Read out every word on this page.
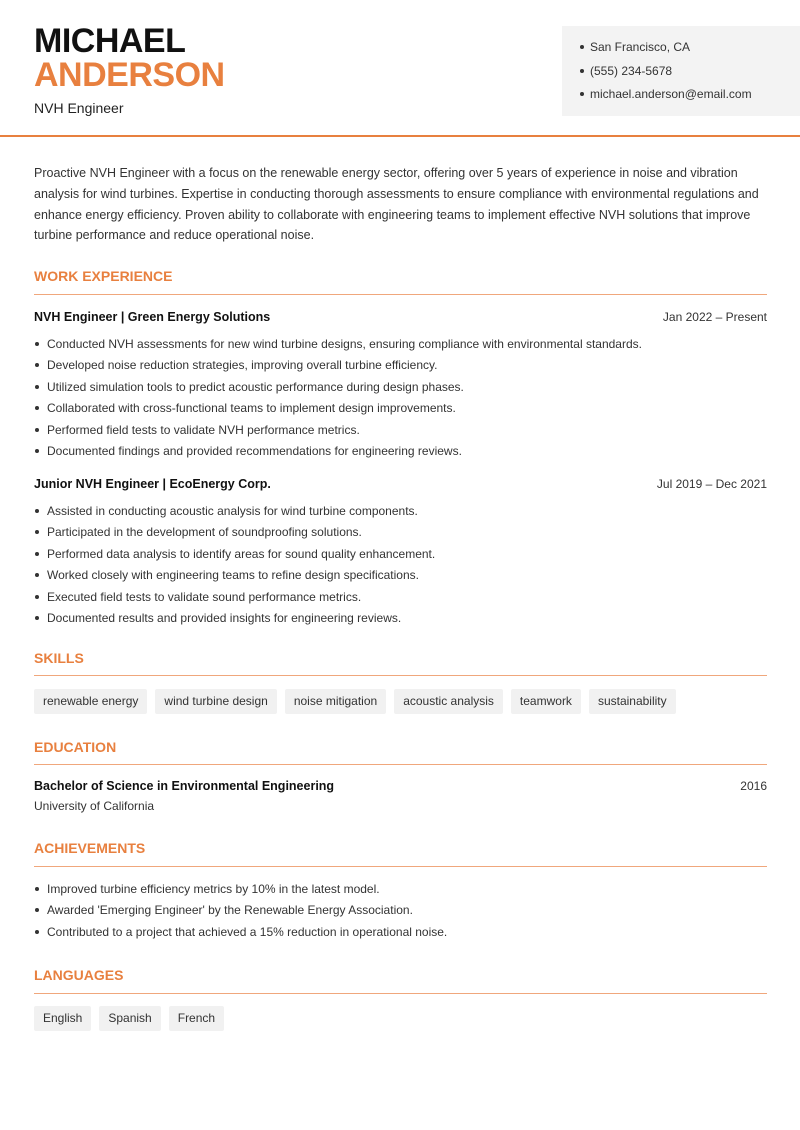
MICHAEL
ANDERSON
NVH Engineer
San Francisco, CA
(555) 234-5678
michael.anderson@email.com

Proactive NVH Engineer with a focus on the renewable energy sector, offering over 5 years of experience in noise and vibration analysis for wind turbines. Expertise in conducting thorough assessments to ensure compliance with environmental regulations and enhance energy efficiency. Proven ability to collaborate with engineering teams to implement effective NVH solutions that improve turbine performance and reduce operational noise.

WORK EXPERIENCE
NVH Engineer | Green Energy Solutions	Jan 2022 – Present
Conducted NVH assessments for new wind turbine designs, ensuring compliance with environmental standards.
Developed noise reduction strategies, improving overall turbine efficiency.
Utilized simulation tools to predict acoustic performance during design phases.
Collaborated with cross-functional teams to implement design improvements.
Performed field tests to validate NVH performance metrics.
Documented findings and provided recommendations for engineering reviews.
Junior NVH Engineer | EcoEnergy Corp.	Jul 2019 – Dec 2021
Assisted in conducting acoustic analysis for wind turbine components.
Participated in the development of soundproofing solutions.
Performed data analysis to identify areas for sound quality enhancement.
Worked closely with engineering teams to refine design specifications.
Executed field tests to validate sound performance metrics.
Documented results and provided insights for engineering reviews.
SKILLS
renewable energy	wind turbine design	noise mitigation	acoustic analysis	teamwork	sustainability
EDUCATION
Bachelor of Science in Environmental Engineering	2016
University of California
ACHIEVEMENTS
Improved turbine efficiency metrics by 10% in the latest model.
Awarded 'Emerging Engineer' by the Renewable Energy Association.
Contributed to a project that achieved a 15% reduction in operational noise.
LANGUAGES
English	Spanish	French
